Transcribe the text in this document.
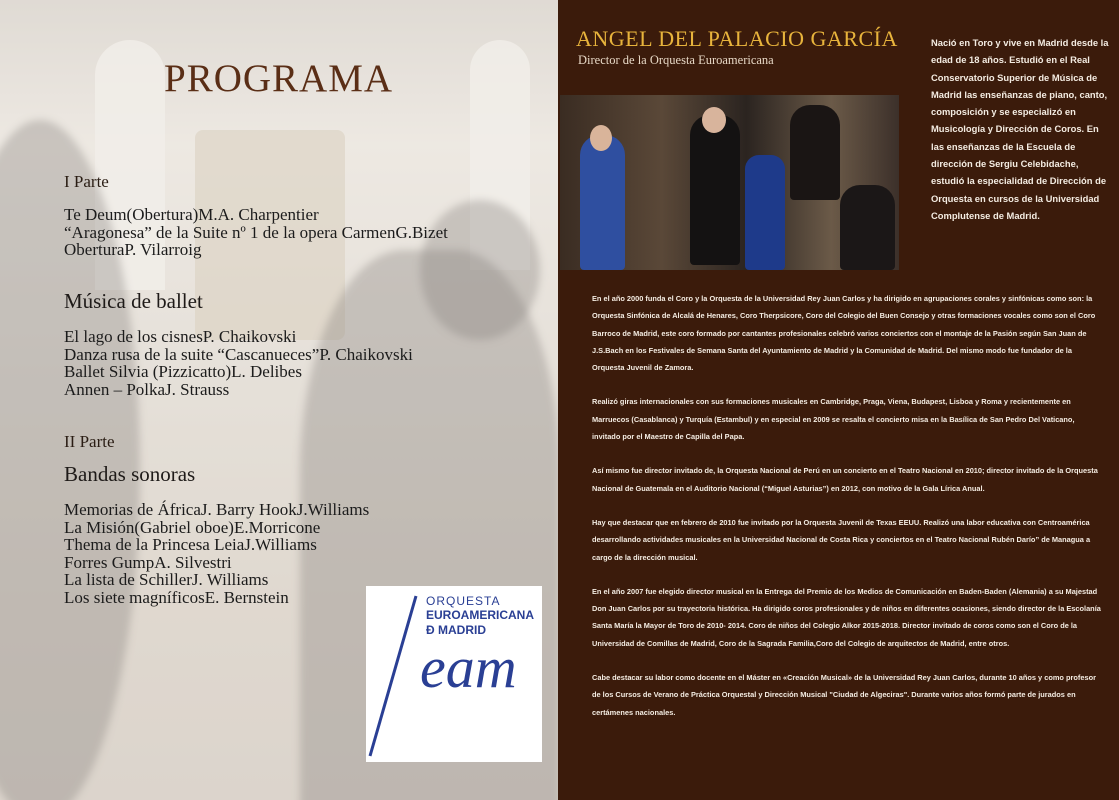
PROGRAMA
I Parte
Te Deum(Obertura)M.A. Charpentier
“Aragonesa” de la Suite nº 1 de la opera CarmenG.Bizet
OberturaP. Vilarroig
Música de ballet
El lago de los cisnesP. Chaikovski
Danza rusa de la suite “Cascanueces”P. Chaikovski
Ballet Silvia (Pizzicatto)L. Delibes
Annen – PolkaJ. Strauss
II Parte
Bandas sonoras
Memorias de ÁfricaJ. Barry HookJ.Williams
La Misión(Gabriel oboe)E.Morricone
Thema de la Princesa LeiaJ.Williams
Forres GumpA. Silvestri
La lista de SchillerJ. Williams
Los siete magníficosE. Bernstein	ORQUESTA
EUROAMERICANA
Ð MADRID
eam
ANGEL DEL PALACIO GARCÍA
Director de la Orquesta Euroamericana
Nació en Toro y vive en Madrid desde la edad de 18 años. Estudió en el Real Conservatorio Superior de Música de Madrid las enseñanzas de piano, canto, composición y se especializó en Musicología y Dirección de Coros. En las enseñanzas de la Escuela de dirección de Sergiu Celebidache, estudió la especialidad de Dirección de Orquesta en cursos de la Universidad Complutense de Madrid.

En el año 2000 funda el Coro y la Orquesta de la Universidad Rey Juan Carlos y ha dirigido en agrupaciones corales y sinfónicas como son: la Orquesta Sinfónica de Alcalá de Henares, Coro Therpsicore, Coro del Colegio del Buen Consejo y otras formaciones vocales como son el Coro Barroco de Madrid, este coro formado por cantantes profesionales celebró varios conciertos con el montaje de la Pasión según San Juan de J.S.Bach en los Festivales de Semana Santa del Ayuntamiento de Madrid y la Comunidad de Madrid. Del mismo modo fue fundador de la Orquesta Juvenil de Zamora.

Realizó giras internacionales con sus formaciones musicales en Cambridge, Praga, Viena, Budapest, Lisboa y Roma y recientemente en Marruecos (Casablanca) y Turquía (Estambul) y en especial en 2009 se resalta el concierto misa en la Basílica de San Pedro Del Vaticano, invitado por el Maestro de Capilla del Papa.

Así mismo fue director invitado de, la Orquesta Nacional de Perú en un concierto en el Teatro Nacional en 2010; director invitado de la Orquesta Nacional de Guatemala en el Auditorio Nacional (“Miguel Asturias”) en 2012, con motivo de la Gala Lírica Anual.

Hay que destacar que en febrero de 2010 fue invitado por la Orquesta Juvenil de Texas EEUU. Realizó una labor educativa con Centroamérica desarrollando actividades musicales en la Universidad Nacional de Costa Rica y conciertos en el Teatro Nacional Rubén Darío” de Managua a cargo de la dirección musical.

En el año 2007 fue elegido director musical en la Entrega del Premio de los Medios de Comunicación en Baden-Baden (Alemania) a su Majestad Don Juan Carlos por su trayectoria histórica. Ha dirigido coros profesionales y de niños en diferentes ocasiones, siendo director de la Escolanía Santa María la Mayor de Toro de 2010- 2014. Coro de niños del Colegio Alkor 2015-2018. Director invitado de coros como son el Coro de la Universidad de Comillas de Madrid, Coro de la Sagrada Familia,Coro del Colegio de arquitectos de Madrid, entre otros.

Cabe destacar su labor como docente en el Máster en «Creación Musical» de la Universidad Rey Juan Carlos, durante 10 años y como profesor de los Cursos de Verano de Práctica Orquestal y Dirección Musical "Ciudad de Algeciras". Durante varios años formó parte de jurados en certámenes nacionales.
